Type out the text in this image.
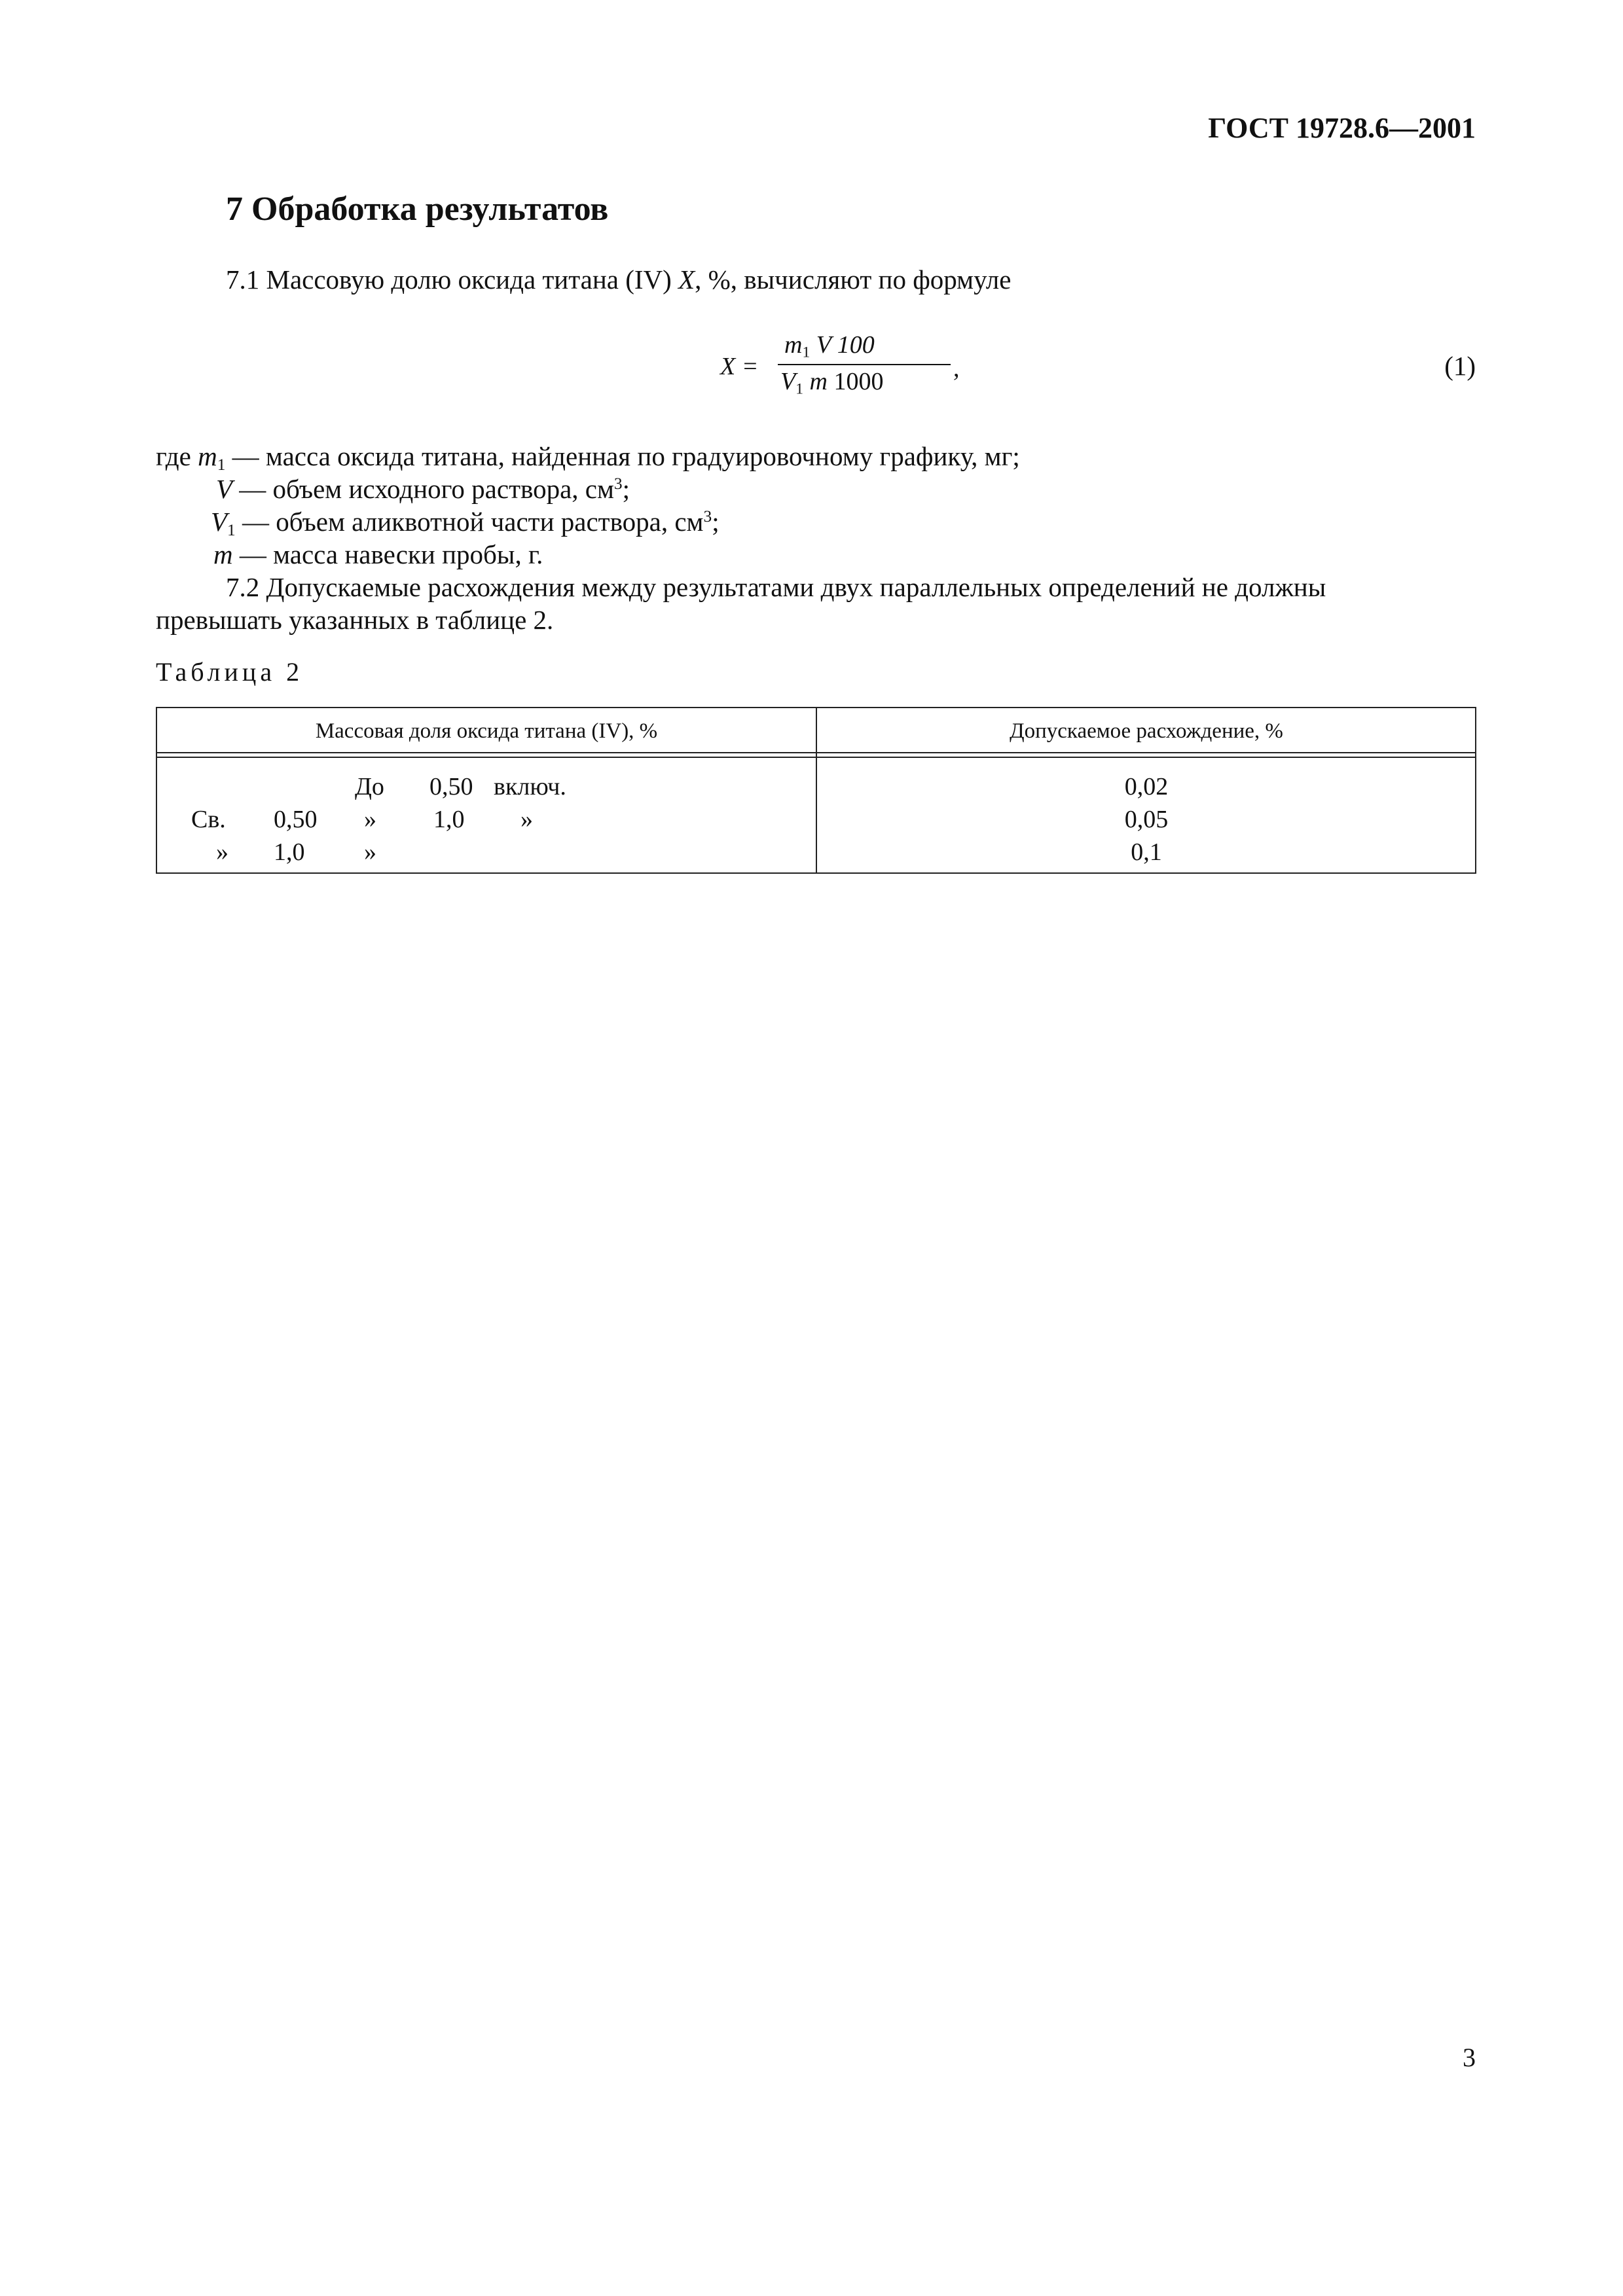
ГОСТ 19728.6—2001
7 Обработка результатов
7.1 Массовую долю оксида титана (IV) X, %, вычисляют по формуле
X =
$m_1$ V 100
$V_1$ m 1000	,	(1)
где $m_1$ — масса оксида титана, найденная по градуировочному графику, мг;
V — объем исходного раствора, $см^3$;
$V_1$ — объем аликвотной части раствора, $см^3$;
m — масса навески пробы, г.
7.2 Допускаемые расхождения между результатами двух параллельных определений не должны
превышать указанных в таблице 2.
Таблица 2
Массовая доля оксида титана (IV), %	Допускаемое расхождение, %
До 0,50 включ.	0,02
Св. 0,50 » 1,0 »	0,05
» 1,0 »	0,1
3
